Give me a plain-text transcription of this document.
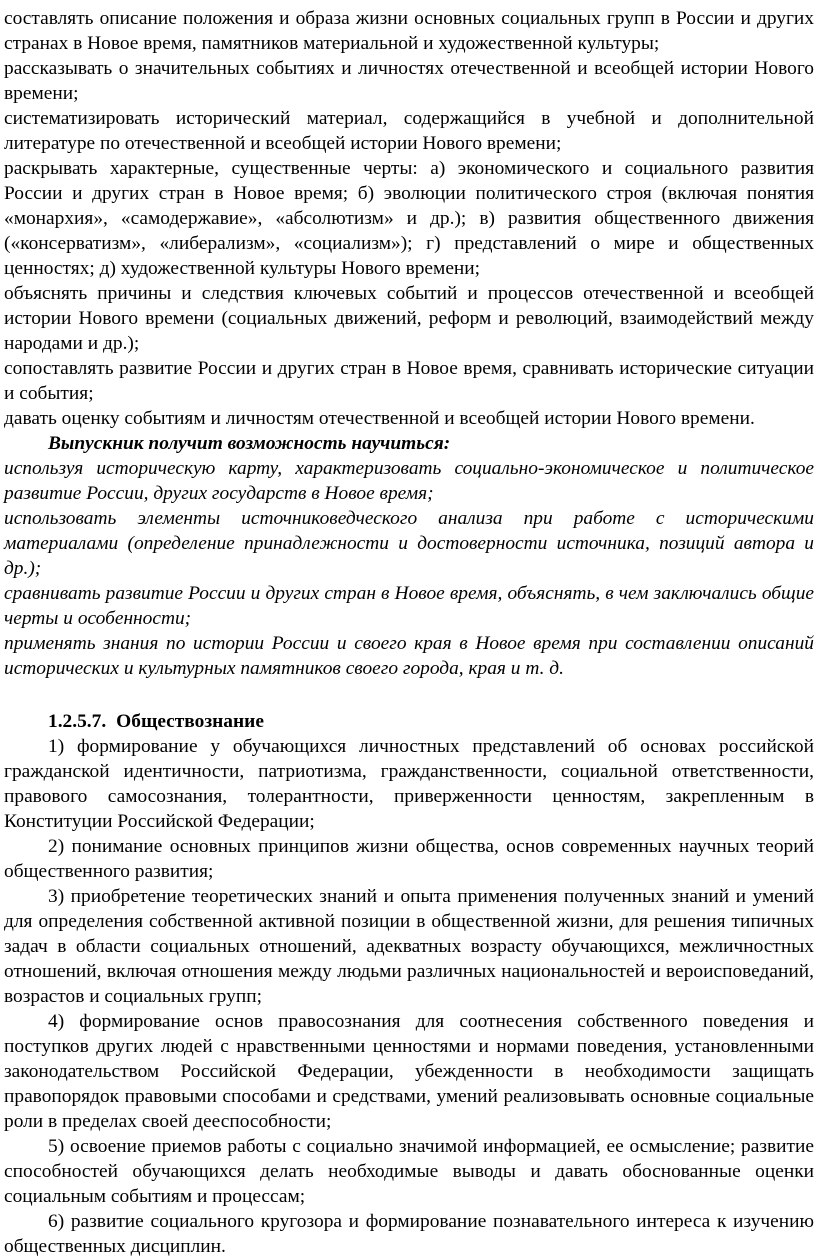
составлять описание положения и образа жизни основных социальных групп в России и других странах в Новое время, памятников материальной и художественной культуры;

рассказывать о значительных событиях и личностях отечественной и всеобщей истории Нового времени;

систематизировать исторический материал, содержащийся в учебной и дополнительной литературе по отечественной и всеобщей истории Нового времени;

раскрывать характерные, существенные черты: а) экономического и социального развития России и других стран в Новое время; б) эволюции политического строя (включая понятия «монархия», «самодержавие», «абсолютизм» и др.); в) развития общественного движения («консерватизм», «либерализм», «социализм»); г) представлений о мире и общественных ценностях; д) художественной культуры Нового времени;

объяснять причины и следствия ключевых событий и процессов отечественной и всеобщей истории Нового времени (социальных движений, реформ и революций, взаимодействий между народами и др.);

сопоставлять развитие России и других стран в Новое время, сравнивать исторические ситуации и события;

давать оценку событиям и личностям отечественной и всеобщей истории Нового времени.

Выпускник получит возможность научиться:

используя историческую карту, характеризовать социально-экономическое и политическое развитие России, других государств в Новое время;

использовать элементы источниковедческого анализа при работе с историческими материалами (определение принадлежности и достоверности источника, позиций автора и др.);

сравнивать развитие России и других стран в Новое время, объяснять, в чем заключались общие черты и особенности;

применять знания по истории России и своего края в Новое время при составлении описаний исторических и культурных памятников своего города, края и т. д.

1.2.5.7. Обществознание

1) формирование у обучающихся личностных представлений об основах российской гражданской идентичности, патриотизма, гражданственности, социальной ответственности, правового самосознания, толерантности, приверженности ценностям, закрепленным в Конституции Российской Федерации;

2) понимание основных принципов жизни общества, основ современных научных теорий общественного развития;

3) приобретение теоретических знаний и опыта применения полученных знаний и умений для определения собственной активной позиции в общественной жизни, для решения типичных задач в области социальных отношений, адекватных возрасту обучающихся, межличностных отношений, включая отношения между людьми различных национальностей и вероисповеданий, возрастов и социальных групп;

4) формирование основ правосознания для соотнесения собственного поведения и поступков других людей с нравственными ценностями и нормами поведения, установленными законодательством Российской Федерации, убежденности в необходимости защищать правопорядок правовыми способами и средствами, умений реализовывать основные социальные роли в пределах своей дееспособности;

5) освоение приемов работы с социально значимой информацией, ее осмысление; развитие способностей обучающихся делать необходимые выводы и давать обоснованные оценки социальным событиям и процессам;

6) развитие социального кругозора и формирование познавательного интереса к изучению общественных дисциплин.
